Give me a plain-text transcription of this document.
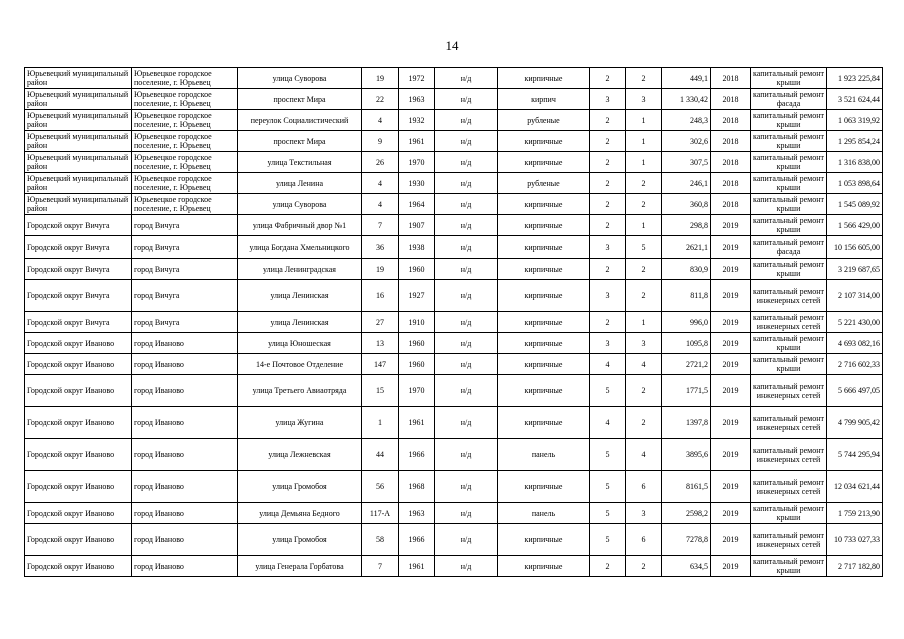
14
Юрьевецкий муниципальный район	Юрьевецкое городское поселение, г. Юрьевец	улица Суворова	19	1972	н/д	кирпичные	2	2	449,1	2018	капитальный ремонт крыши	1 923 225,84
Юрьевецкий муниципальный район	Юрьевецкое городское поселение, г. Юрьевец	проспект Мира	22	1963	н/д	кирпич	3	3	1 330,42	2018	капитальный ремонт фасада	3 521 624,44
Юрьевецкий муниципальный район	Юрьевецкое городское поселение, г. Юрьевец	переулок Социалистический	4	1932	н/д	рубленые	2	1	248,3	2018	капитальный ремонт крыши	1 063 319,92
Юрьевецкий муниципальный район	Юрьевецкое городское поселение, г. Юрьевец	проспект Мира	9	1961	н/д	кирпичные	2	1	302,6	2018	капитальный ремонт крыши	1 295 854,24
Юрьевецкий муниципальный район	Юрьевецкое городское поселение, г. Юрьевец	улица Текстильная	26	1970	н/д	кирпичные	2	1	307,5	2018	капитальный ремонт крыши	1 316 838,00
Юрьевецкий муниципальный район	Юрьевецкое городское поселение, г. Юрьевец	улица Ленина	4	1930	н/д	рубленые	2	2	246,1	2018	капитальный ремонт крыши	1 053 898,64
Юрьевецкий муниципальный район	Юрьевецкое городское поселение, г. Юрьевец	улица Суворова	4	1964	н/д	кирпичные	2	2	360,8	2018	капитальный ремонт крыши	1 545 089,92
Городской округ Вичуга	город Вичуга	улица Фабричный двор №1	7	1907	н/д	кирпичные	2	1	298,8	2019	капитальный ремонт крыши	1 566 429,00
Городской округ Вичуга	город Вичуга	улица Богдана Хмельницкого	36	1938	н/д	кирпичные	3	5	2621,1	2019	капитальный ремонт фасада	10 156 605,00
Городской округ Вичуга	город Вичуга	улица Ленинградская	19	1960	н/д	кирпичные	2	2	830,9	2019	капитальный ремонт крыши	3 219 687,65
Городской округ Вичуга	город Вичуга	улица Ленинская	16	1927	н/д	кирпичные	3	2	811,8	2019	капитальный ремонт инженерных сетей	2 107 314,00
Городской округ Вичуга	город Вичуга	улица Ленинская	27	1910	н/д	кирпичные	2	1	996,0	2019	капитальный ремонт инженерных сетей	5 221 430,00
Городской округ Иваново	город Иваново	улица Юношеская	13	1960	н/д	кирпичные	3	3	1095,8	2019	капитальный ремонт крыши	4 693 082,16
Городской округ Иваново	город Иваново	14-е Почтовое Отделение	147	1960	н/д	кирпичные	4	4	2721,2	2019	капитальный ремонт крыши	2 716 602,33
Городской округ Иваново	город Иваново	улица Третьего Авиаотряда	15	1970	н/д	кирпичные	5	2	1771,5	2019	капитальный ремонт инженерных сетей	5 666 497,05
Городской округ Иваново	город Иваново	улица Жугина	1	1961	н/д	кирпичные	4	2	1397,8	2019	капитальный ремонт инженерных сетей	4 799 905,42
Городской округ Иваново	город Иваново	улица Лежневская	44	1966	н/д	панель	5	4	3895,6	2019	капитальный ремонт инженерных сетей	5 744 295,94
Городской округ Иваново	город Иваново	улица Громобоя	56	1968	н/д	кирпичные	5	6	8161,5	2019	капитальный ремонт инженерных сетей	12 034 621,44
Городской округ Иваново	город Иваново	улица Демьяна Бедного	117-А	1963	н/д	панель	5	3	2598,2	2019	капитальный ремонт крыши	1 759 213,90
Городской округ Иваново	город Иваново	улица Громобоя	58	1966	н/д	кирпичные	5	6	7278,8	2019	капитальный ремонт инженерных сетей	10 733 027,33
Городской округ Иваново	город Иваново	улица Генерала Горбатова	7	1961	н/д	кирпичные	2	2	634,5	2019	капитальный ремонт крыши	2 717 182,80
